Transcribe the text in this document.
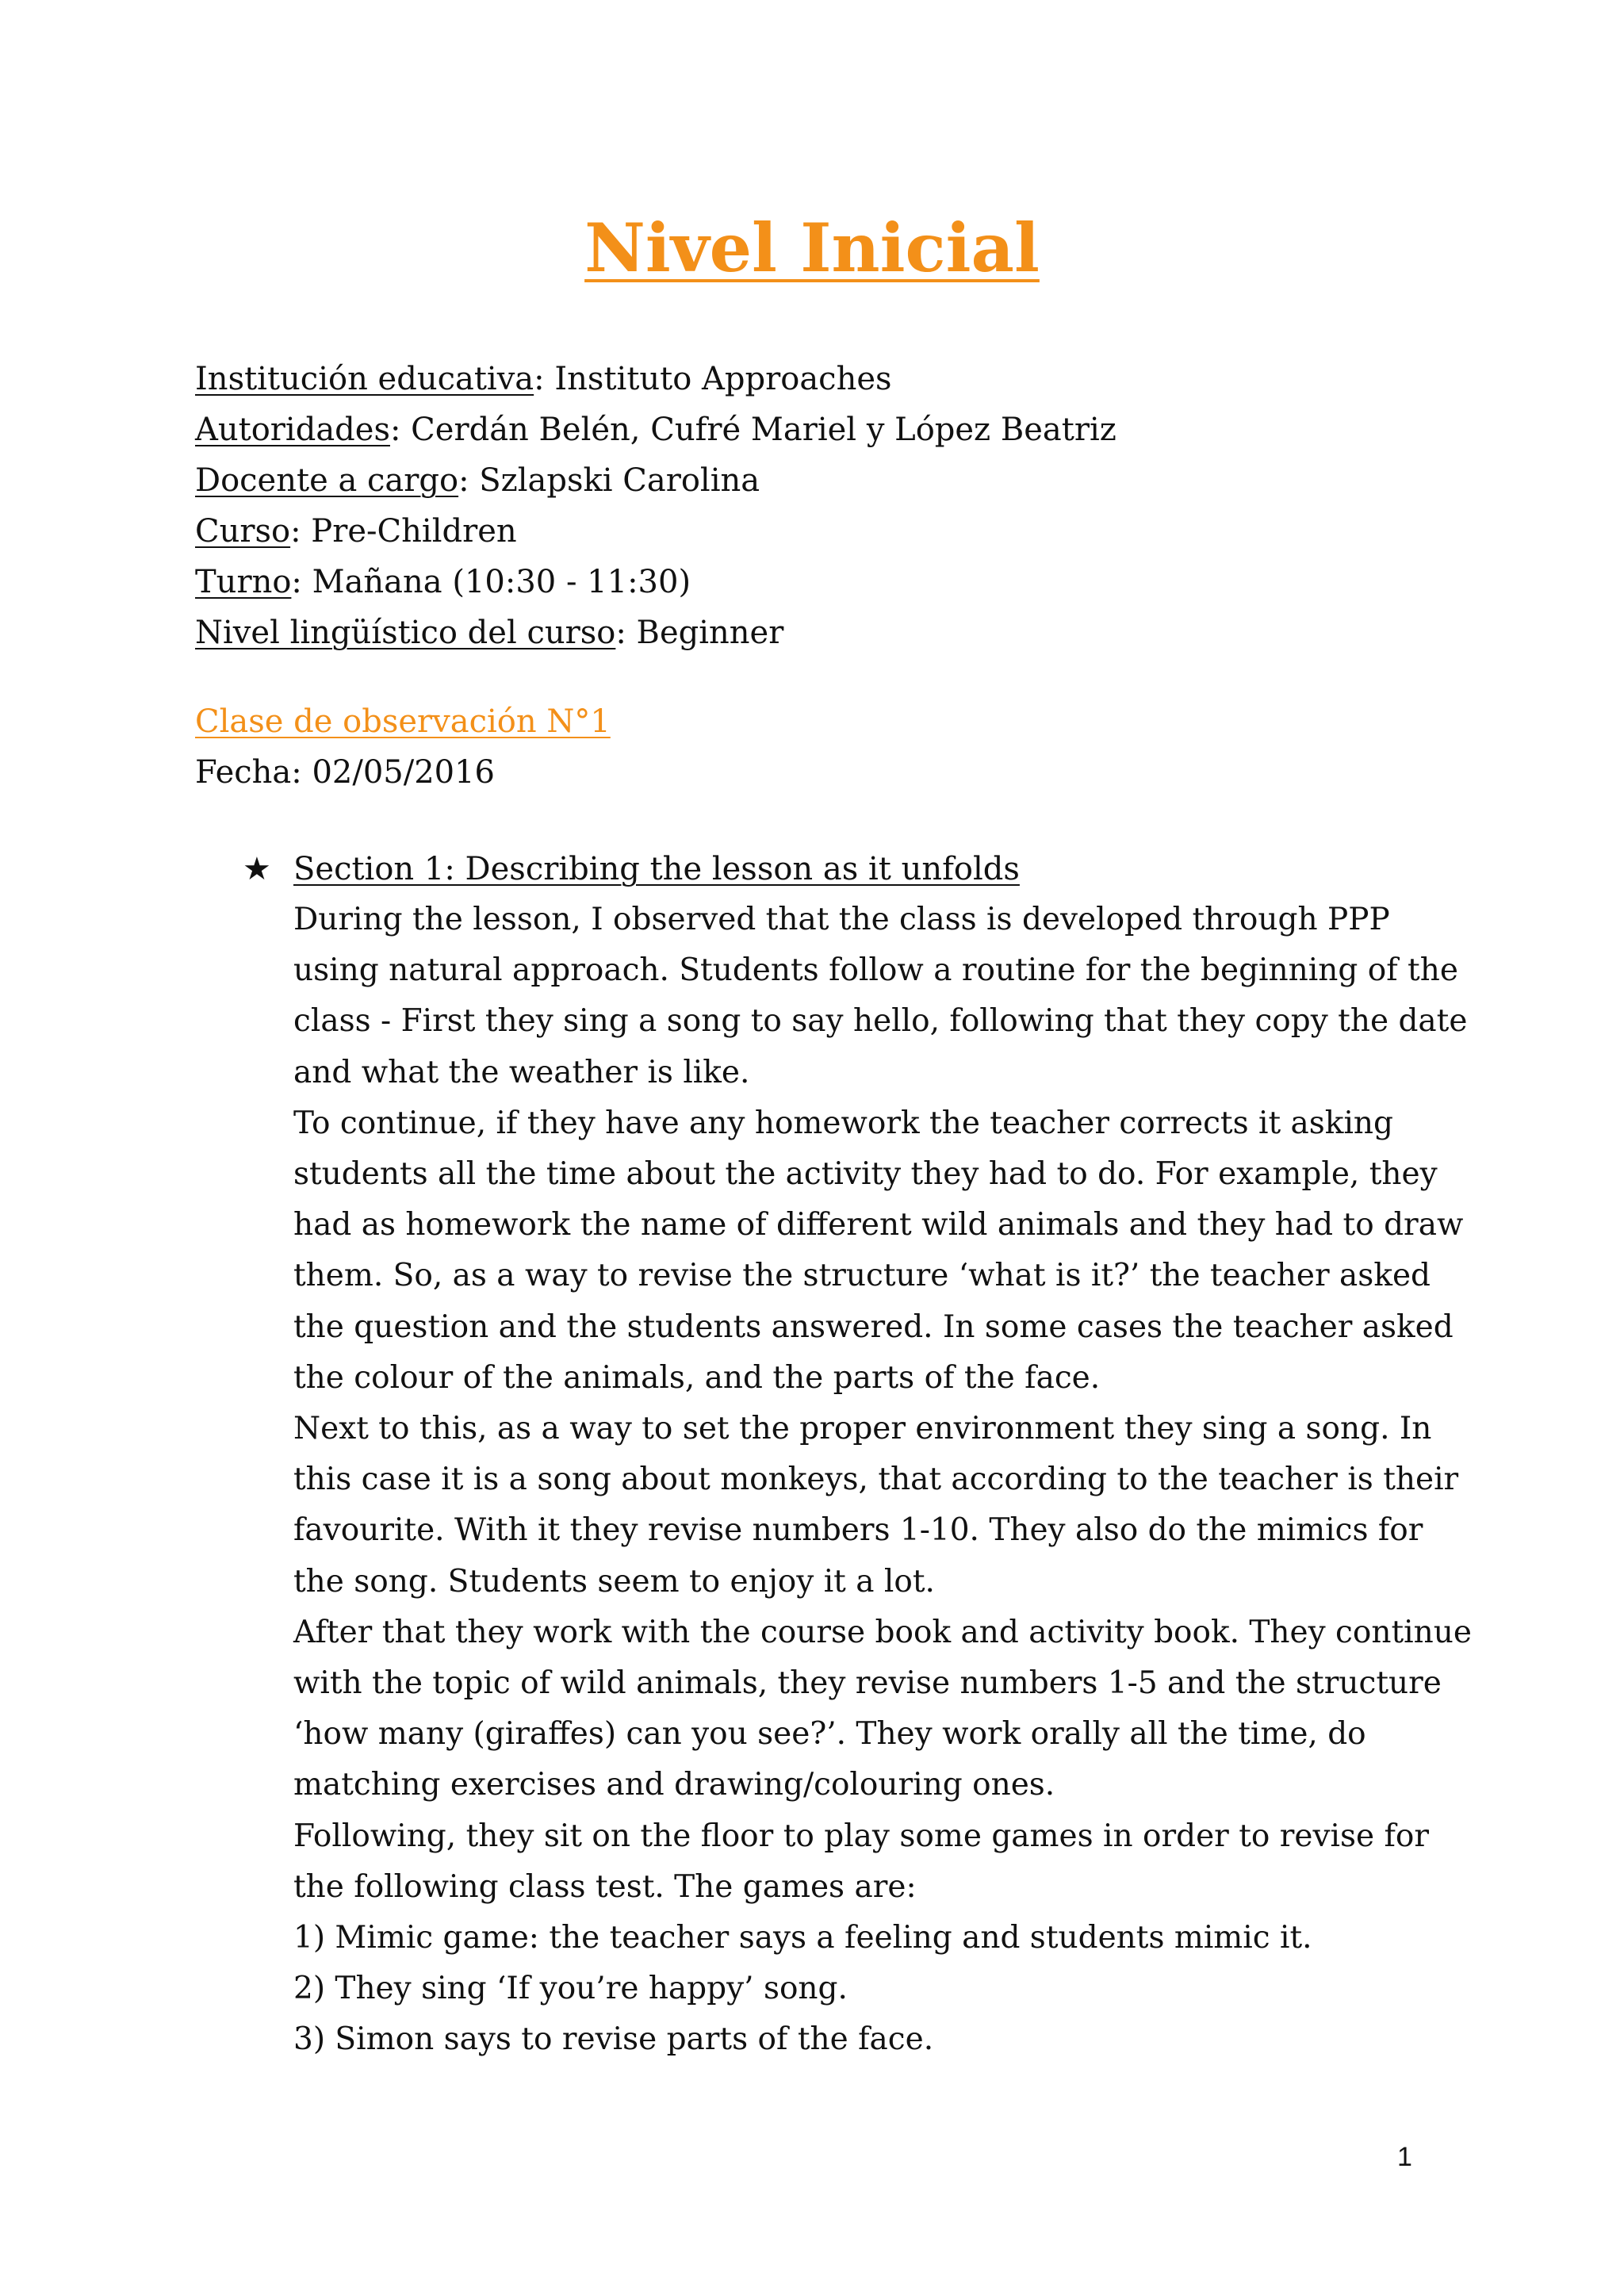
Nivel Inicial
Institución educativa: Instituto Approaches
Autoridades: Cerdán Belén, Cufré Mariel y López Beatriz
Docente a cargo: Szlapski Carolina
Curso: Pre-Children
Turno: Mañana (10:30 - 11:30)
Nivel lingüístico del curso: Beginner
Clase de observación N°1
Fecha: 02/05/2016
★ Section 1: Describing the lesson as it unfolds

During the lesson, I observed that the class is developed through PPP using natural approach. Students follow a routine for the beginning of the class - First they sing a song to say hello, following that they copy the date and what the weather is like.

To continue, if they have any homework the teacher corrects it asking students all the time about the activity they had to do. For example, they had as homework the name of different wild animals and they had to draw them. So, as a way to revise the structure ‘what is it?’ the teacher asked the question and the students answered. In some cases the teacher asked the colour of the animals, and the parts of the face.

Next to this, as a way to set the proper environment they sing a song. In this case it is a song about monkeys, that according to the teacher is their favourite. With it they revise numbers 1-10. They also do the mimics for the song. Students seem to enjoy it a lot.

After that they work with the course book and activity book. They continue with the topic of wild animals, they revise numbers 1-5 and the structure ‘how many (giraffes) can you see?’. They work orally all the time, do matching exercises and drawing/colouring ones.

Following, they sit on the floor to play some games in order to revise for the following class test. The games are:

1) Mimic game: the teacher says a feeling and students mimic it.

2) They sing ‘If you’re happy’ song.

3) Simon says to revise parts of the face.

1
